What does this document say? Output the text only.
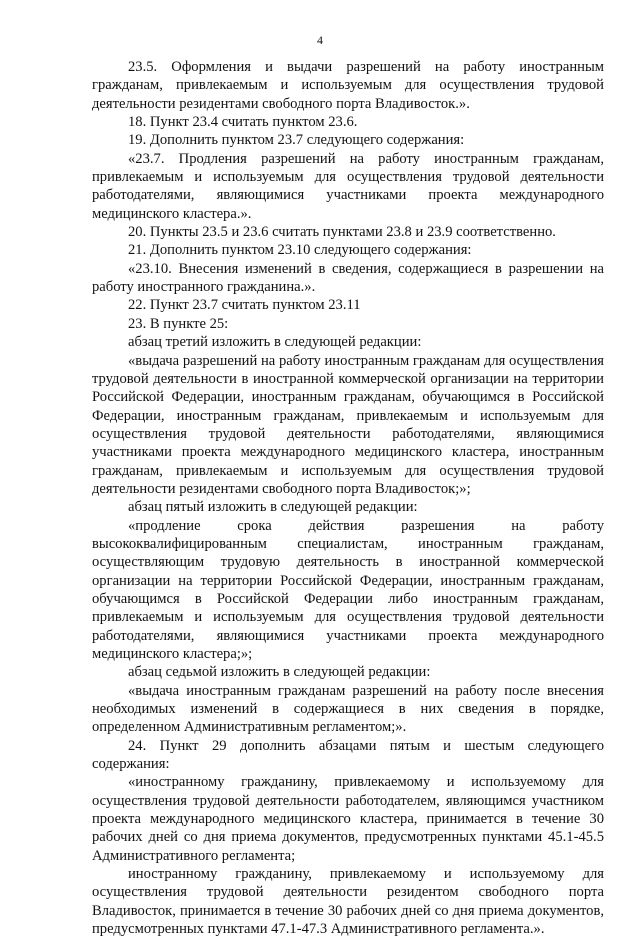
4

23.5. Оформления и выдачи разрешений на работу иностранным гражданам, привлекаемым и используемым для осуществления трудовой деятельности резидентами свободного порта Владивосток.».

18. Пункт 23.4 считать пунктом 23.6.

19. Дополнить пунктом 23.7 следующего содержания:

«23.7. Продления разрешений на работу иностранным гражданам, привлекаемым и используемым для осуществления трудовой деятельности работодателями, являющимися участниками проекта международного медицинского кластера.».

20. Пункты 23.5 и 23.6 считать пунктами 23.8 и 23.9 соответственно.

21. Дополнить пунктом 23.10 следующего содержания:

«23.10. Внесения изменений в сведения, содержащиеся в разрешении на работу иностранного гражданина.».

22. Пункт 23.7 считать пунктом 23.11

23. В пункте 25:

абзац третий изложить в следующей редакции:

«выдача разрешений на работу иностранным гражданам для осуществления трудовой деятельности в иностранной коммерческой организации на территории Российской Федерации, иностранным гражданам, обучающимся в Российской Федерации, иностранным гражданам, привлекаемым и используемым для осуществления трудовой деятельности работодателями, являющимися участниками проекта международного медицинского кластера, иностранным гражданам, привлекаемым и используемым для осуществления трудовой деятельности резидентами свободного порта Владивосток;»;

абзац пятый изложить в следующей редакции:

«продление срока действия разрешения на работу высококвалифицированным специалистам, иностранным гражданам, осуществляющим трудовую деятельность в иностранной коммерческой организации на территории Российской Федерации, иностранным гражданам, обучающимся в Российской Федерации либо иностранным гражданам, привлекаемым и используемым для осуществления трудовой деятельности работодателями, являющимися участниками проекта международного медицинского кластера;»;

абзац седьмой изложить в следующей редакции:

«выдача иностранным гражданам разрешений на работу после внесения необходимых изменений в содержащиеся в них сведения в порядке, определенном Административным регламентом;».

24. Пункт 29 дополнить абзацами пятым и шестым следующего содержания:

«иностранному гражданину, привлекаемому и используемому для осуществления трудовой деятельности работодателем, являющимся участником проекта международного медицинского кластера, принимается в течение 30 рабочих дней со дня приема документов, предусмотренных пунктами 45.1-45.5 Административного регламента;

иностранному гражданину, привлекаемому и используемому для осуществления трудовой деятельности резидентом свободного порта Владивосток, принимается в течение 30 рабочих дней со дня приема документов, предусмотренных пунктами 47.1-47.3 Административного регламента.».
